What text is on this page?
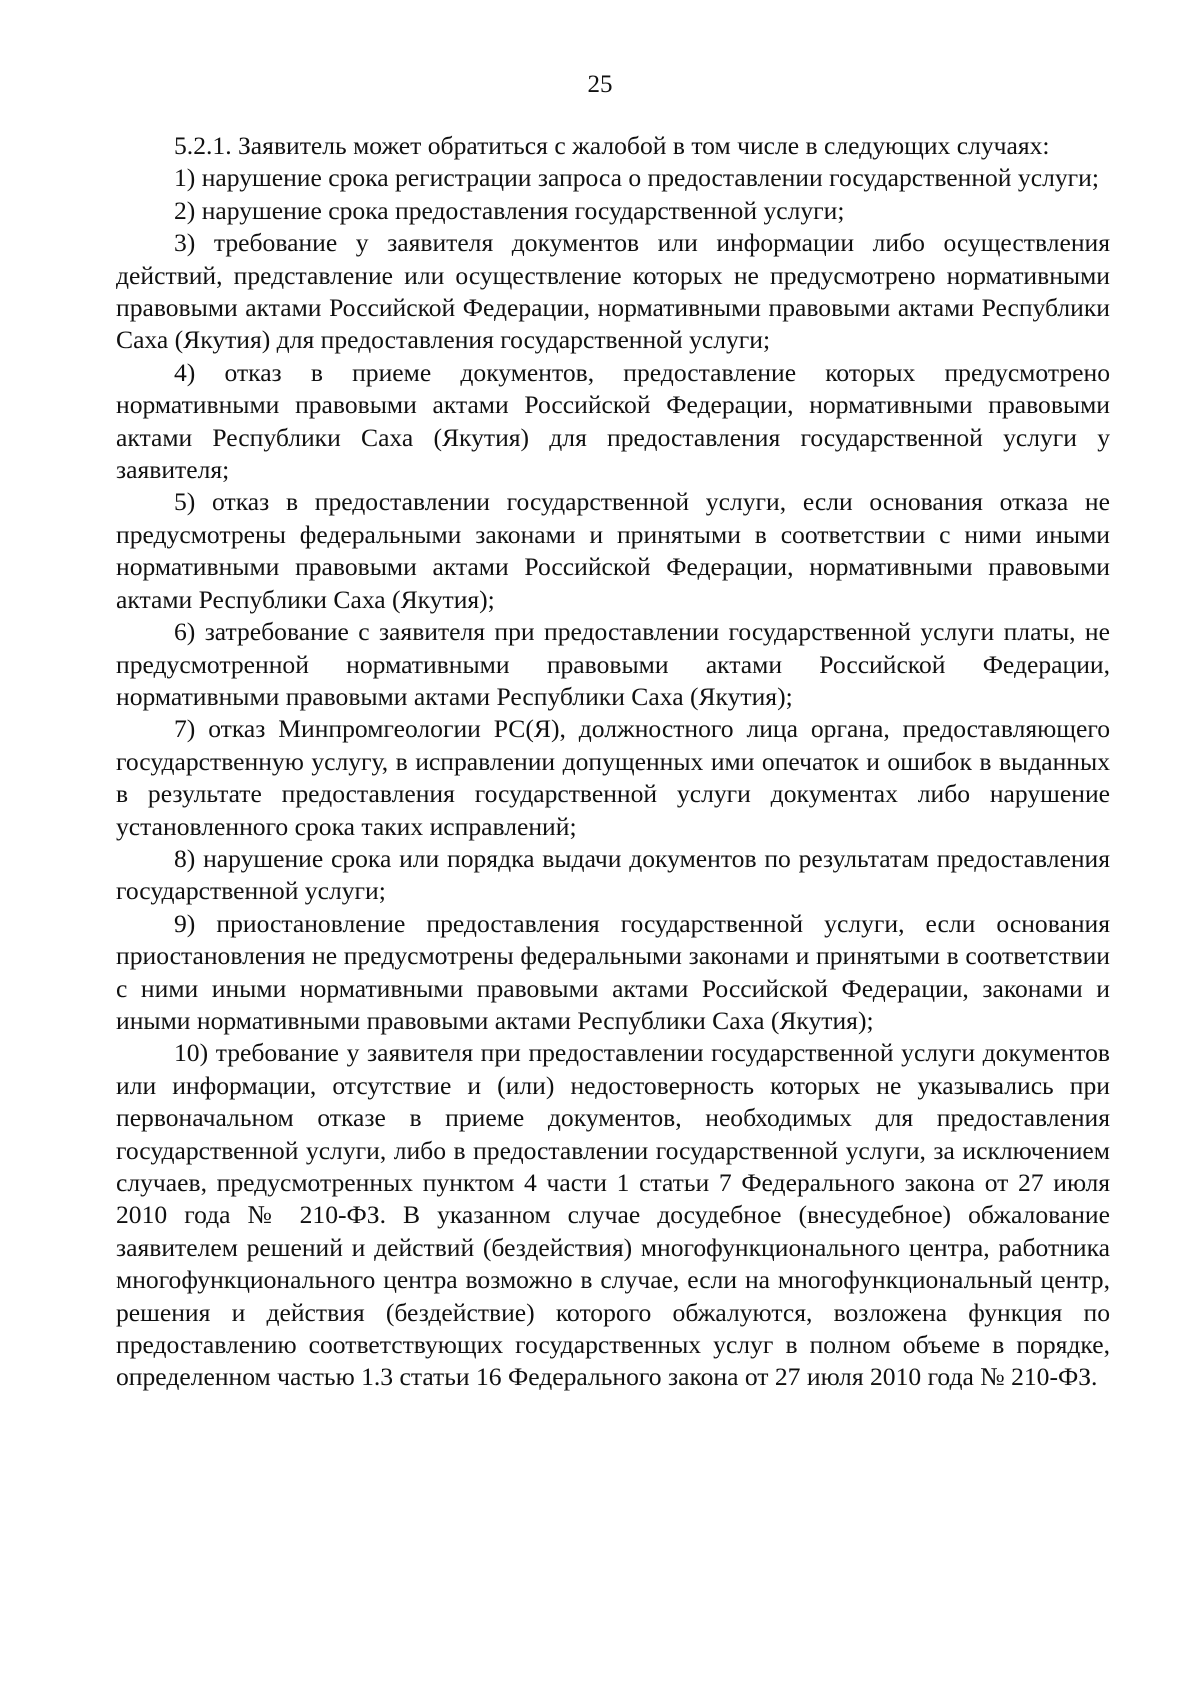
25

5.2.1. Заявитель может обратиться с жалобой в том числе в следующих случаях:

1) нарушение срока регистрации запроса о предоставлении государственной услуги;

2) нарушение срока предоставления государственной услуги;

3) требование у заявителя документов или информации либо осуществления действий, представление или осуществление которых не предусмотрено нормативными правовыми актами Российской Федерации, нормативными правовыми актами Республики Саха (Якутия) для предоставления государственной услуги;

4) отказ в приеме документов, предоставление которых предусмотрено нормативными правовыми актами Российской Федерации, нормативными правовыми актами Республики Саха (Якутия) для предоставления государственной услуги у заявителя;

5) отказ в предоставлении государственной услуги, если основания отказа не предусмотрены федеральными законами и принятыми в соответствии с ними иными нормативными правовыми актами Российской Федерации, нормативными правовыми актами Республики Саха (Якутия);

6) затребование с заявителя при предоставлении государственной услуги платы, не предусмотренной нормативными правовыми актами Российской Федерации, нормативными правовыми актами Республики Саха (Якутия);

7) отказ Минпромгеологии РС(Я), должностного лица органа, предоставляющего государственную услугу, в исправлении допущенных ими опечаток и ошибок в выданных в результате предоставления государственной услуги документах либо нарушение установленного срока таких исправлений;

8) нарушение срока или порядка выдачи документов по результатам предоставления государственной услуги;

9) приостановление предоставления государственной услуги, если основания приостановления не предусмотрены федеральными законами и принятыми в соответствии с ними иными нормативными правовыми актами Российской Федерации, законами и иными нормативными правовыми актами Республики Саха (Якутия);

10) требование у заявителя при предоставлении государственной услуги документов или информации, отсутствие и (или) недостоверность которых не указывались при первоначальном отказе в приеме документов, необходимых для предоставления государственной услуги, либо в предоставлении государственной услуги, за исключением случаев, предусмотренных пунктом 4 части 1 статьи 7 Федерального закона от 27 июля 2010 года № 210-ФЗ. В указанном случае досудебное (внесудебное) обжалование заявителем решений и действий (бездействия) многофункционального центра, работника многофункционального центра возможно в случае, если на многофункциональный центр, решения и действия (бездействие) которого обжалуются, возложена функция по предоставлению соответствующих государственных услуг в полном объеме в порядке, определенном частью 1.3 статьи 16 Федерального закона от 27 июля 2010 года № 210-ФЗ.
